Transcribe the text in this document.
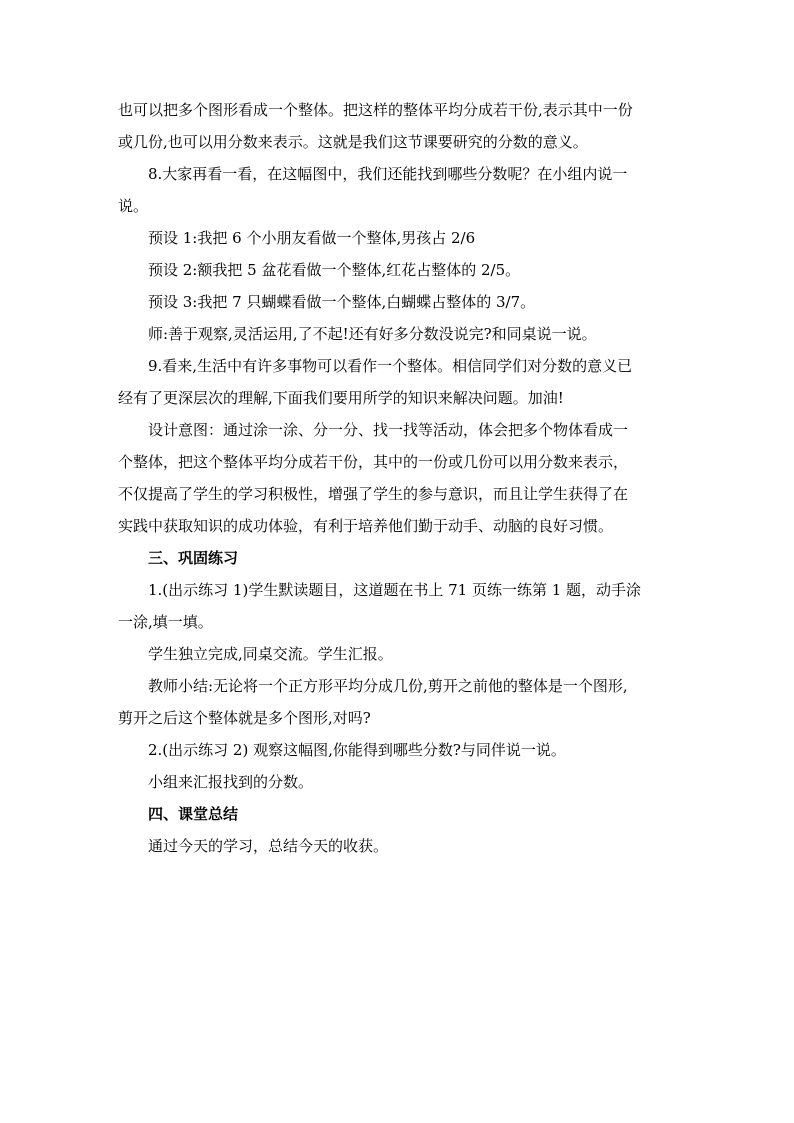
也可以把多个图形看成一个整体。把这样的整体平均分成若干份,表示其中一份
或几份,也可以用分数来表示。这就是我们这节课要研究的分数的意义。
8.大家再看一看，在这幅图中，我们还能找到哪些分数呢？在小组内说一
说。
预设 1:我把 6 个小朋友看做一个整体,男孩占 2/6
预设 2:额我把 5 盆花看做一个整体,红花占整体的 2/5。
预设 3:我把 7 只蝴蝶看做一个整体,白蝴蝶占整体的 3/7。
师:善于观察,灵活运用,了不起!还有好多分数没说完?和同桌说一说。
9.看来,生活中有许多事物可以看作一个整体。相信同学们对分数的意义已
经有了更深层次的理解,下面我们要用所学的知识来解决问题。加油!
设计意图：通过涂一涂、分一分、找一找等活动，体会把多个物体看成一
个整体，把这个整体平均分成若干份，其中的一份或几份可以用分数来表示，
不仅提高了学生的学习积极性，增强了学生的参与意识，而且让学生获得了在
实践中获取知识的成功体验，有利于培养他们勤于动手、动脑的良好习惯。
三、巩固练习
1.(出示练习 1)学生默读题目，这道题在书上 71 页练一练第 1 题，动手涂
一涂,填一填。
学生独立完成,同桌交流。学生汇报。
教师小结:无论将一个正方形平均分成几份,剪开之前他的整体是一个图形,
剪开之后这个整体就是多个图形,对吗?
2.(出示练习 2) 观察这幅图,你能得到哪些分数?与同伴说一说。
小组来汇报找到的分数。
四、课堂总结
通过今天的学习，总结今天的收获。
